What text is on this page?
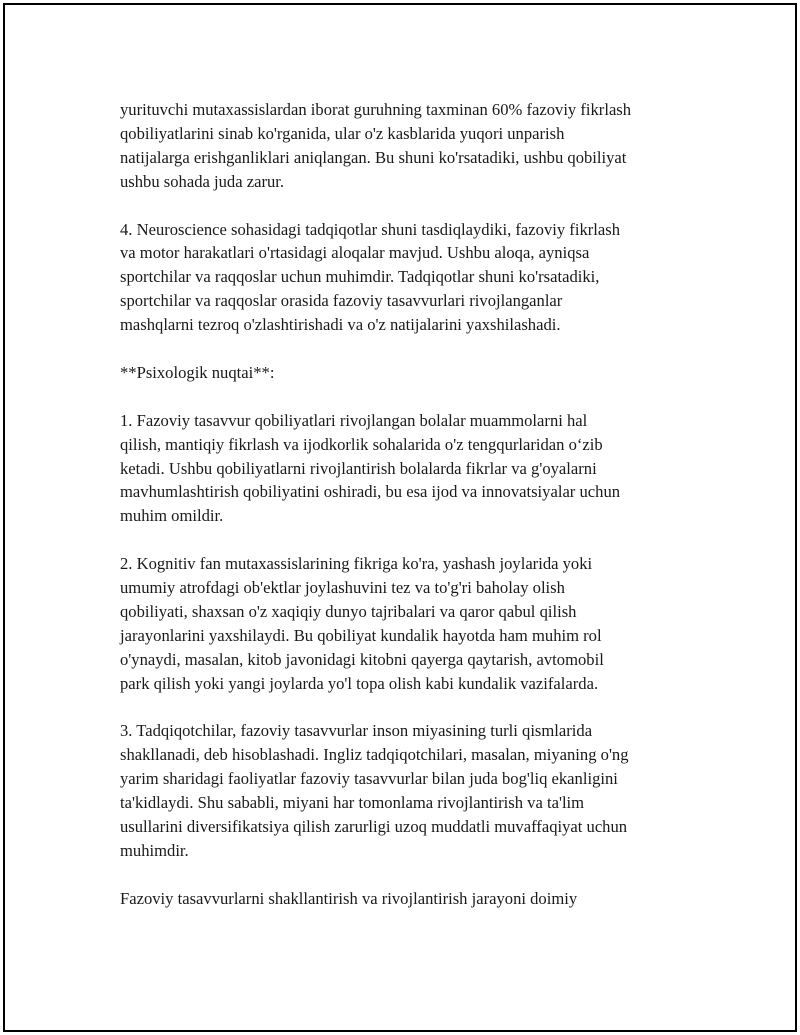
yurituvchi mutaxassislardan iborat guruhning taxminan 60% fazoviy fikrlash
qobiliyatlarini sinab ko'rganida, ular o'z kasblarida yuqori unparish
natijalarga erishganliklari aniqlangan. Bu shuni ko'rsatadiki, ushbu qobiliyat
ushbu sohada juda zarur.
4. Neuroscience sohasidagi tadqiqotlar shuni tasdiqlaydiki, fazoviy fikrlash
va motor harakatlari o'rtasidagi aloqalar mavjud. Ushbu aloqa, ayniqsa
sportchilar va raqqoslar uchun muhimdir. Tadqiqotlar shuni ko'rsatadiki,
sportchilar va raqqoslar orasida fazoviy tasavvurlari rivojlanganlar
mashqlarni tezroq o'zlashtirishadi va o'z natijalarini yaxshilashadi.
**Psixologik nuqtai**:
1. Fazoviy tasavvur qobiliyatlari rivojlangan bolalar muammolarni hal
qilish, mantiqiy fikrlash va ijodkorlik sohalarida o'z tengqurlaridan o‘zib
ketadi. Ushbu qobiliyatlarni rivojlantirish bolalarda fikrlar va g'oyalarni
mavhumlashtirish qobiliyatini oshiradi, bu esa ijod va innovatsiyalar uchun
muhim omildir.
2. Kognitiv fan mutaxassislarining fikriga ko'ra, yashash joylarida yoki
umumiy atrofdagi ob'ektlar joylashuvini tez va to'g'ri baholay olish
qobiliyati, shaxsan o'z xaqiqiy dunyo tajribalari va qaror qabul qilish
jarayonlarini yaxshilaydi. Bu qobiliyat kundalik hayotda ham muhim rol
o'ynaydi, masalan, kitob javonidagi kitobni qayerga qaytarish, avtomobil
park qilish yoki yangi joylarda yo'l topa olish kabi kundalik vazifalarda.
3. Tadqiqotchilar, fazoviy tasavvurlar inson miyasining turli qismlarida
shakllanadi, deb hisoblashadi. Ingliz tadqiqotchilari, masalan, miyaning o'ng
yarim sharidagi faoliyatlar fazoviy tasavvurlar bilan juda bog'liq ekanligini
ta'kidlaydi. Shu sababli, miyani har tomonlama rivojlantirish va ta'lim
usullarini diversifikatsiya qilish zarurligi uzoq muddatli muvaffaqiyat uchun
muhimdir.
Fazoviy tasavvurlarni shakllantirish va rivojlantirish jarayoni doimiy
